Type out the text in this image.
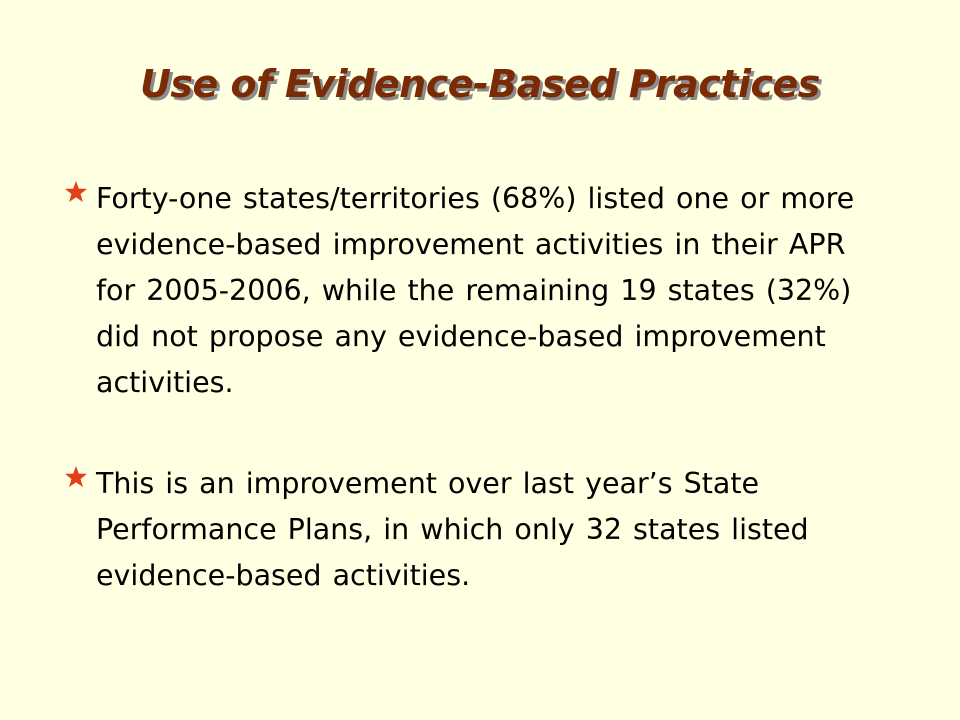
Use of Evidence-Based Practices
Forty-one states/territories (68%) listed one or more evidence-based improvement activities in their APR for 2005-2006, while the remaining 19 states (32%) did not propose any evidence-based improvement activities.
This is an improvement over last year’s State Performance Plans, in which only 32 states listed evidence-based activities.
